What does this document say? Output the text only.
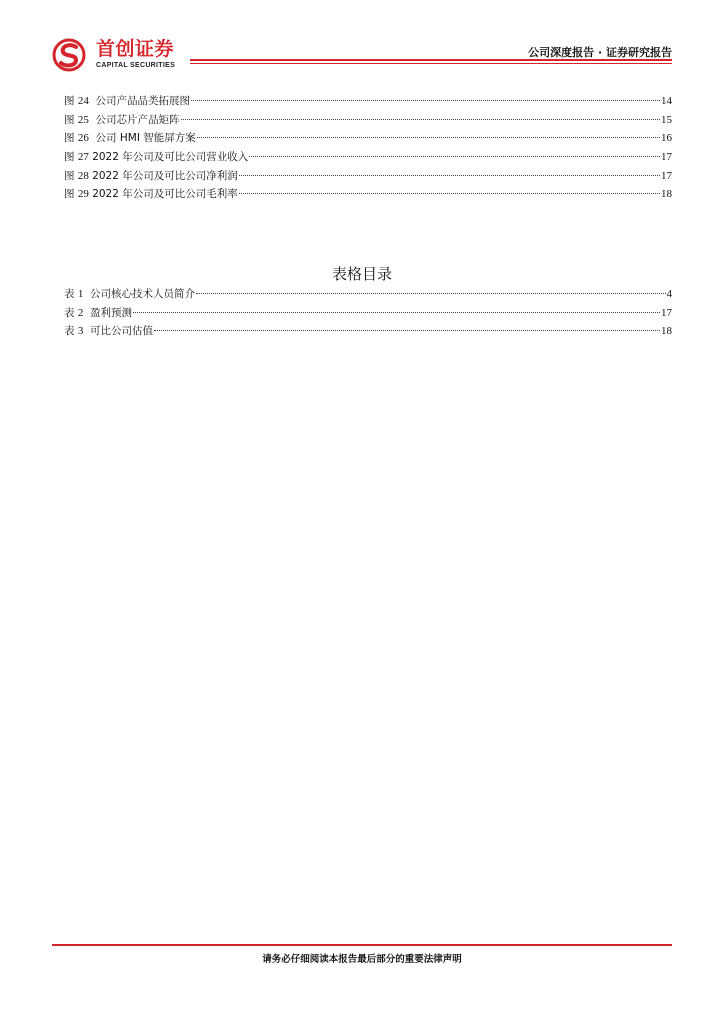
首创证券
CAPITAL SECURITIES
公司深度报告 · 证券研究报告
图 24 公司产品品类拓展图	14
图 25 公司芯片产品矩阵	15
图 26 公司 HMI 智能屏方案	16
图 27 2022 年公司及可比公司营业收入	17
图 28 2022 年公司及可比公司净利润	17
图 29 2022 年公司及可比公司毛利率	18
表格目录
表 1 公司核心技术人员简介	4
表 2 盈利预测	17
表 3 可比公司估值	18
请务必仔细阅读本报告最后部分的重要法律声明
